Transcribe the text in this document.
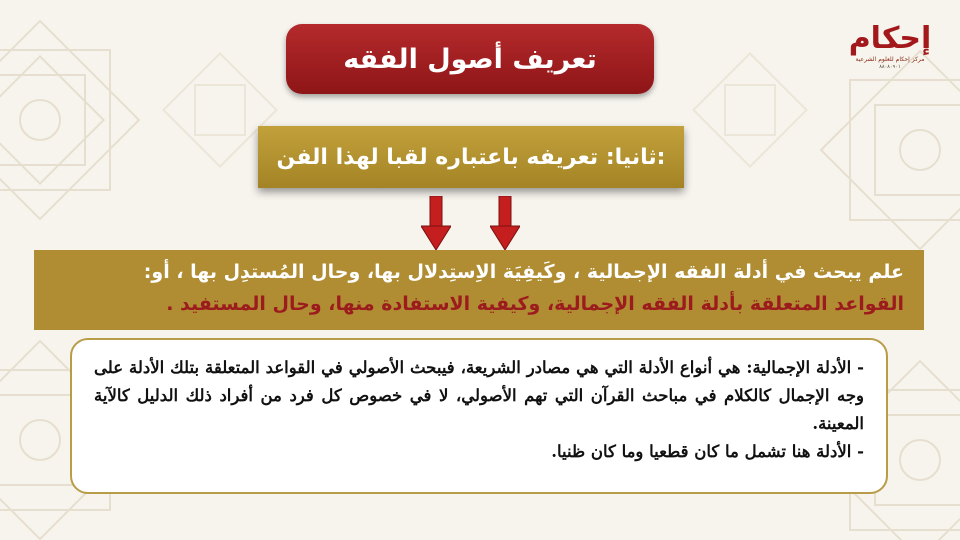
إحكام
مركز إحكام للعلوم الشرعية
٨٨٠٨٠٩٠١
تعريف أصول الفقه
ثانيا: تعريفه باعتباره لقبا لهذا الفن:
علم يبحث في أدلة الفقه الإجمالية ، وكَيفِيَة الاِستِدلال بها، وحال المُستدِل بها ، أو:
القواعد المتعلقة بأدلة الفقه الإجمالية، وكيفية الاستفادة منها، وحال المستفيد .

- الأدلة الإجمالية: هي أنواع الأدلة التي هي مصادر الشريعة، فيبحث الأصولي في القواعد المتعلقة بتلك الأدلة على وجه الإجمال كالكلام في مباحث القرآن التي تهم الأصولي، لا في خصوص كل فرد من أفراد ذلك الدليل كالآية المعينة.

- الأدلة هنا تشمل ما كان قطعيا وما كان ظنيا.
